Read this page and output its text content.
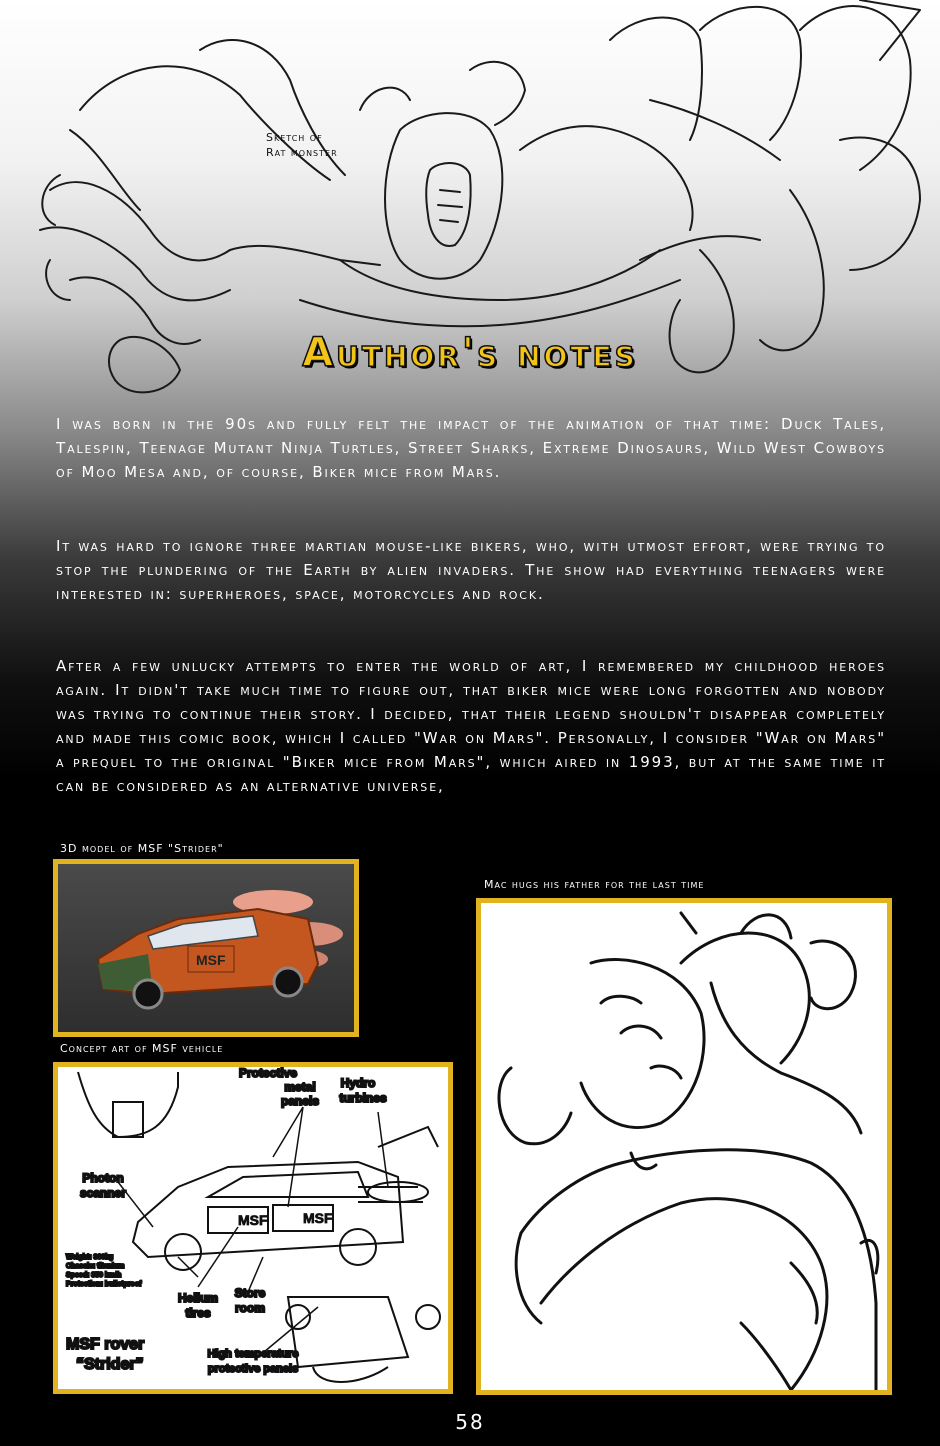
Sketch of
Rat monster
Author's notes
I was born in the 90s and fully felt the impact of the animation of that time: Duck Tales, Talespin, Teenage Mutant Ninja Turtles, Street Sharks, Extreme Dinosaurs, Wild West Cowboys of Moo Mesa and, of course, Biker mice from Mars.
It was hard to ignore three martian mouse-like bikers, who, with utmost effort, were trying to stop the plundering of the Earth by alien invaders. The show had everything teenagers were interested in: superheroes, space, motorcycles and rock.
After a few unlucky attempts to enter the world of art, I remembered my childhood heroes again. It didn't take much time to figure out, that biker mice were long forgotten and nobody was trying to continue their story. I decided, that their legend shouldn't disappear completely and made this comic book, which I called "War on Mars". Personally, I consider "War on Mars" a prequel to the original "Biker mice from Mars", which aired in 1993, but at the same time it can be considered as an alternative universe,
3D model of MSF "Strider"
MSF
Concept art of MSF vehicle
Protective
metal
panels
Hydro
turbines
Photon
scanner
MSF	MSF
Weight: 360kg
Chassis: titanium
Speed: 350 km/h
Protection: bulletproof
Helium
tires
Store
room
MSF rover
“Strider”
High temperature
protective panels
Mac hugs his father for the last time
58
